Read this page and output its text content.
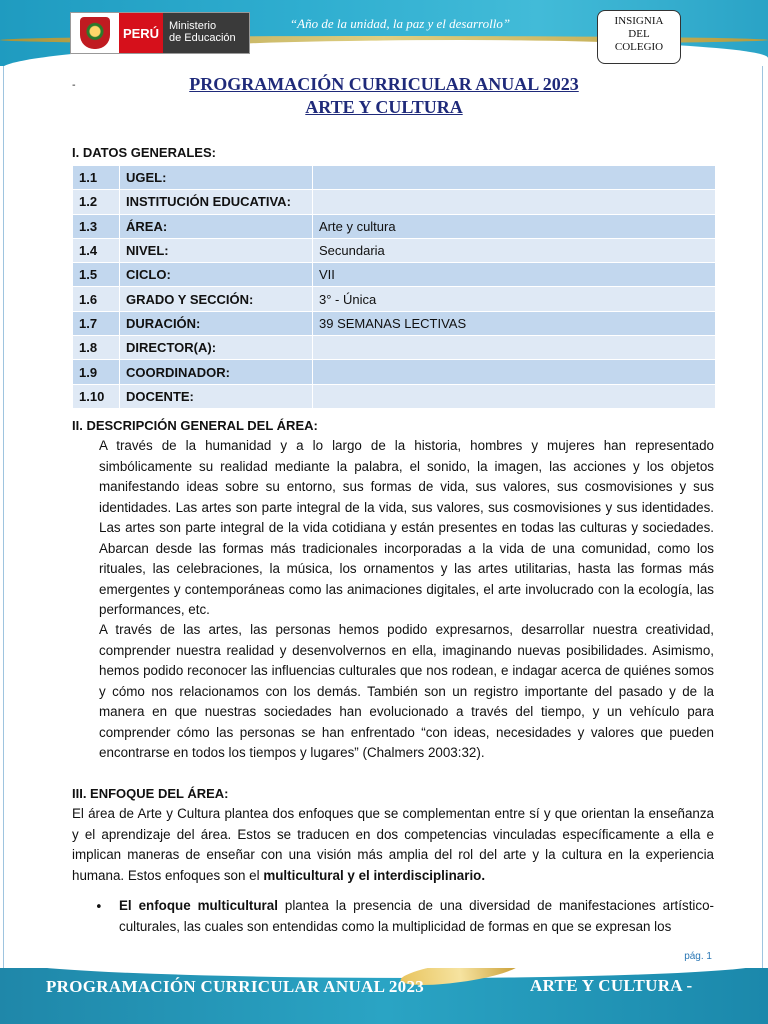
PERÚ Ministerio
de Educación
“Año de la unidad, la paz y el desarrollo”	INSIGNIA
DEL
COLEGIO
-	PROGRAMACIÓN CURRICULAR ANUAL 2023
ARTE Y CULTURA
I. DATOS GENERALES:
1.1	UGEL:	
1.2	INSTITUCIÓN EDUCATIVA:	
1.3	ÁREA:	Arte y cultura
1.4	NIVEL:	Secundaria
1.5	CICLO:	VII
1.6	GRADO Y SECCIÓN:	3° - Única
1.7	DURACIÓN:	39 SEMANAS LECTIVAS
1.8	DIRECTOR(A):	
1.9	COORDINADOR:	
1.10	DOCENTE:	
II. DESCRIPCIÓN GENERAL DEL ÁREA:
A través de la humanidad y a lo largo de la historia, hombres y mujeres han representado simbólicamente su realidad mediante la palabra, el sonido, la imagen, las acciones y los objetos manifestando ideas sobre su entorno, sus formas de vida, sus valores, sus cosmovisiones y sus identidades. Las artes son parte integral de la vida, sus valores, sus cosmovisiones y sus identidades. Las artes son parte integral de la vida cotidiana y están presentes en todas las culturas y sociedades. Abarcan desde las formas más tradicionales incorporadas a la vida de una comunidad, como los rituales, las celebraciones, la música, los ornamentos y las artes utilitarias, hasta las formas más emergentes y contemporáneas como las animaciones digitales, el arte involucrado con la ecología, las performances, etc.
A través de las artes, las personas hemos podido expresarnos, desarrollar nuestra creatividad, comprender nuestra realidad y desenvolvernos en ella, imaginando nuevas posibilidades. Asimismo, hemos podido reconocer las influencias culturales que nos rodean, e indagar acerca de quiénes somos y cómo nos relacionamos con los demás. También son un registro importante del pasado y de la manera en que nuestras sociedades han evolucionado a través del tiempo, y un vehículo para comprender cómo las personas se han enfrentado “con ideas, necesidades y valores que pueden encontrarse en todos los tiempos y lugares” (Chalmers 2003:32).
III. ENFOQUE DEL ÁREA:
El área de Arte y Cultura plantea dos enfoques que se complementan entre sí y que orientan la enseñanza y el aprendizaje del área. Estos se traducen en dos competencias vinculadas específicamente a ella e implican maneras de enseñar con una visión más amplia del rol del arte y la cultura en la experiencia humana. Estos enfoques son el multicultural y el interdisciplinario.
• El enfoque multicultural plantea la presencia de una diversidad de manifestaciones artístico-culturales, las cuales son entendidas como la multiplicidad de formas en que se expresan los
pág. 1
PROGRAMACIÓN CURRICULAR ANUAL 2023	ARTE Y CULTURA -
